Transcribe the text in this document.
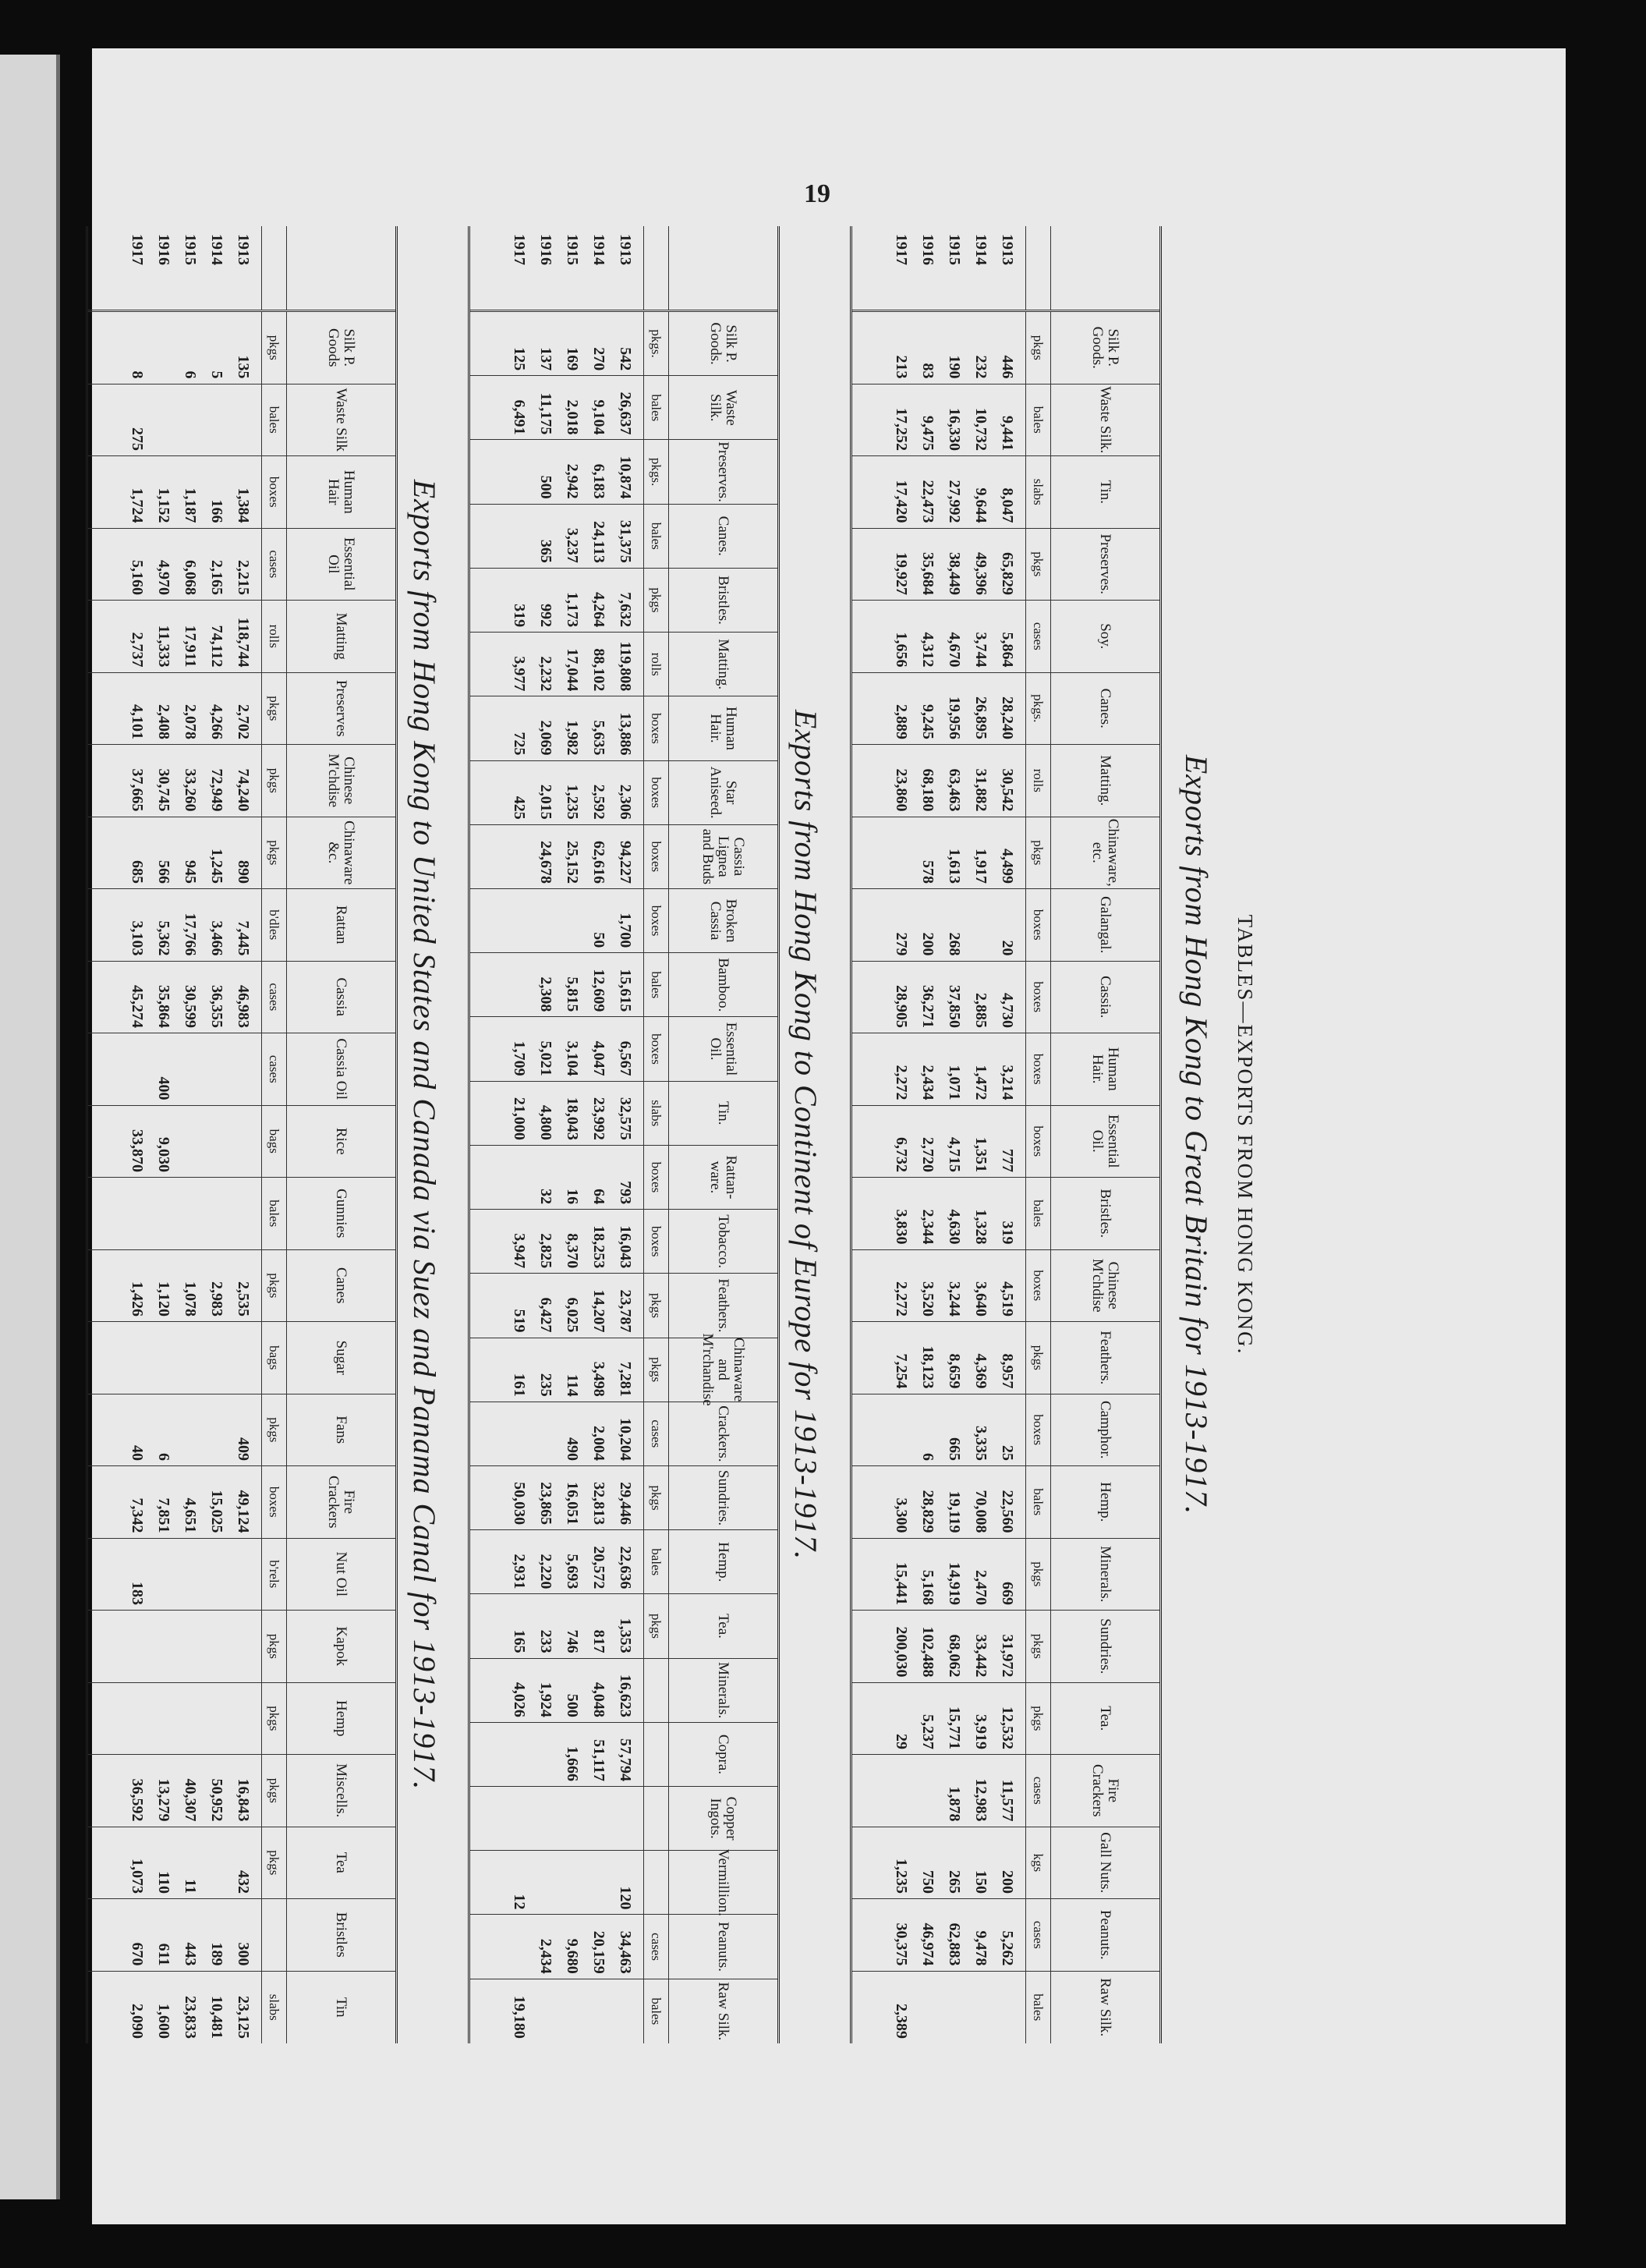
19
TABLES—EXPORTS FROM HONG KONG.
Exports from Hong Kong to Great Britain for 1913-1917.
1913
1914
1915
1916
1917
Silk P. Goods.
pkgs
446
232
190
83
213
Waste Silk.
bales
9,441
10,732
16,330
9,475
17,252
Tin.
slabs
8,047
9,644
27,992
22,473
17,420
Preserves.
pkgs
65,829
49,396
38,449
35,684
19,927
Soy.
cases
5,864
3,744
4,670
4,312
1,656
Canes.
pkgs.
28,240
26,895
19,956
9,245
2,889
Matting.
rolls
30,542
31,882
63,463
68,180
23,860
Chinaware, etc.
pkgs
4,499
1,917
1,613
578
Galangal.
boxes
20
268
200
279
Cassia.
boxes
4,730
2,885
37,850
36,271
28,905
Human Hair.
boxes
3,214
1,472
1,071
2,434
2,272
Essential Oil.
boxes
777
1,351
4,715
2,720
6,732
Bristles.
bales
319
1,328
4,630
2,344
3,830
Chinese M'chdise
boxes
4,519
3,640
3,244
3,520
2,272
Feathers.
pkgs
8,957
4,369
8,659
18,123
7,254
Camphor.
boxes
25
3,335
665
6
Hemp.
bales
22,560
70,008
19,119
28,829
3,300
Minerals.
pkgs
669
2,470
14,919
5,168
15,441
Sundries.
pkgs
31,972
33,442
68,062
102,488
200,030
Tea.
pkgs
12,532
3,919
15,771
5,237
29
Fire Crackers
cases
11,577
12,983
1,878
Gall Nuts.
kgs
200
150
265
750
1,235
Peanuts.
cases
5,262
9,478
62,883
46,974
30,375
Raw Silk.
bales
2,389
Exports from Hong Kong to Continent of Europe for 1913-1917.
1913
1914
1915
1916
1917
Silk P. Goods.
pkgs.
542
270
169
137
125
Waste Silk.
bales
26,637
9,104
2,018
11,175
6,491
Preserves.
pkgs.
10,874
6,183
2,942
500
Canes.
bales
31,375
24,113
3,237
365
Bristles.
pkgs
7,632
4,264
1,173
992
319
Matting.
rolls
119,808
88,102
17,044
2,232
3,977
Human Hair.
boxes
13,886
5,635
1,982
2,069
725
Star Aniseed.
boxes
2,306
2,592
1,235
2,015
425
Cassia Lignea and Buds
boxes
94,227
62,616
25,152
24,678
Broken Cassia
boxes
1,700
50
Bamboo.
bales
15,615
12,609
5,815
2,308
Essential Oil.
boxes
6,567
4,047
3,104
5,021
1,709
Tin.
slabs
32,575
23,992
18,043
4,800
21,000
Rattan-ware.
boxes
793
64
16
32
Tobacco.
boxes
16,043
18,253
8,370
2,825
3,947
Feathers.
pkgs
23,787
14,207
6,025
6,427
519
Chinaware and M'rchandise
pkgs
7,281
3,498
114
235
161
Crackers.
cases
10,204
2,004
490
Sundries.
pkgs
29,446
32,813
16,051
23,865
50,030
Hemp.
bales
22,636
20,572
5,693
2,220
2,931
Tea.
pkgs
1,353
817
746
233
165
Minerals.
16,623
4,048
500
1,924
4,026
Copra.
57,794
51,117
1,666
Copper Ingots.
Vermillion.
120
12
Peanuts.
cases
34,463
20,159
9,680
2,434
Raw Silk.
bales
19,180
Exports from Hong Kong to United States and Canada via Suez and Panama Canal for 1913-1917.
1913
1914
1915
1916
1917
Silk P. Goods
pkgs
135
5
6
8
Waste Silk
bales
275
Human Hair
boxes
1,384
166
1,187
1,152
1,724
Essential Oil
cases
2,215
2,165
6,068
4,970
5,160
Matting
rolls
118,744
74,112
17,911
11,333
2,737
Preserves
pkgs
2,702
4,266
2,078
2,408
4,101
Chinese M'chdise
pkgs
74,240
72,949
33,260
30,745
37,665
Chinaware &c.
pkgs
890
1,245
945
566
685
Rattan
b'dles
7,445
3,466
17,766
5,362
3,103
Cassia
cases
46,983
36,355
30,599
35,864
45,274
Cassia Oil
cases
400
Rice
bags
9,030
33,870
Gunnies
bales
Canes
pkgs
2,535
2,983
1,078
1,120
1,426
Sugar
bags
Fans
pkgs
409
6
40
Fire Crackers
boxes
49,124
15,025
4,651
7,851
7,342
Nut Oil
b'rels
183
Kapok
pkgs
Hemp
pkgs
Miscells.
pkgs
16,843
50,952
40,307
13,279
36,592
Tea
pkgs
432
11
110
1,073
Bristles
300
189
443
611
670
Tin
slabs
23,125
10,481
23,833
1,600
2,090
